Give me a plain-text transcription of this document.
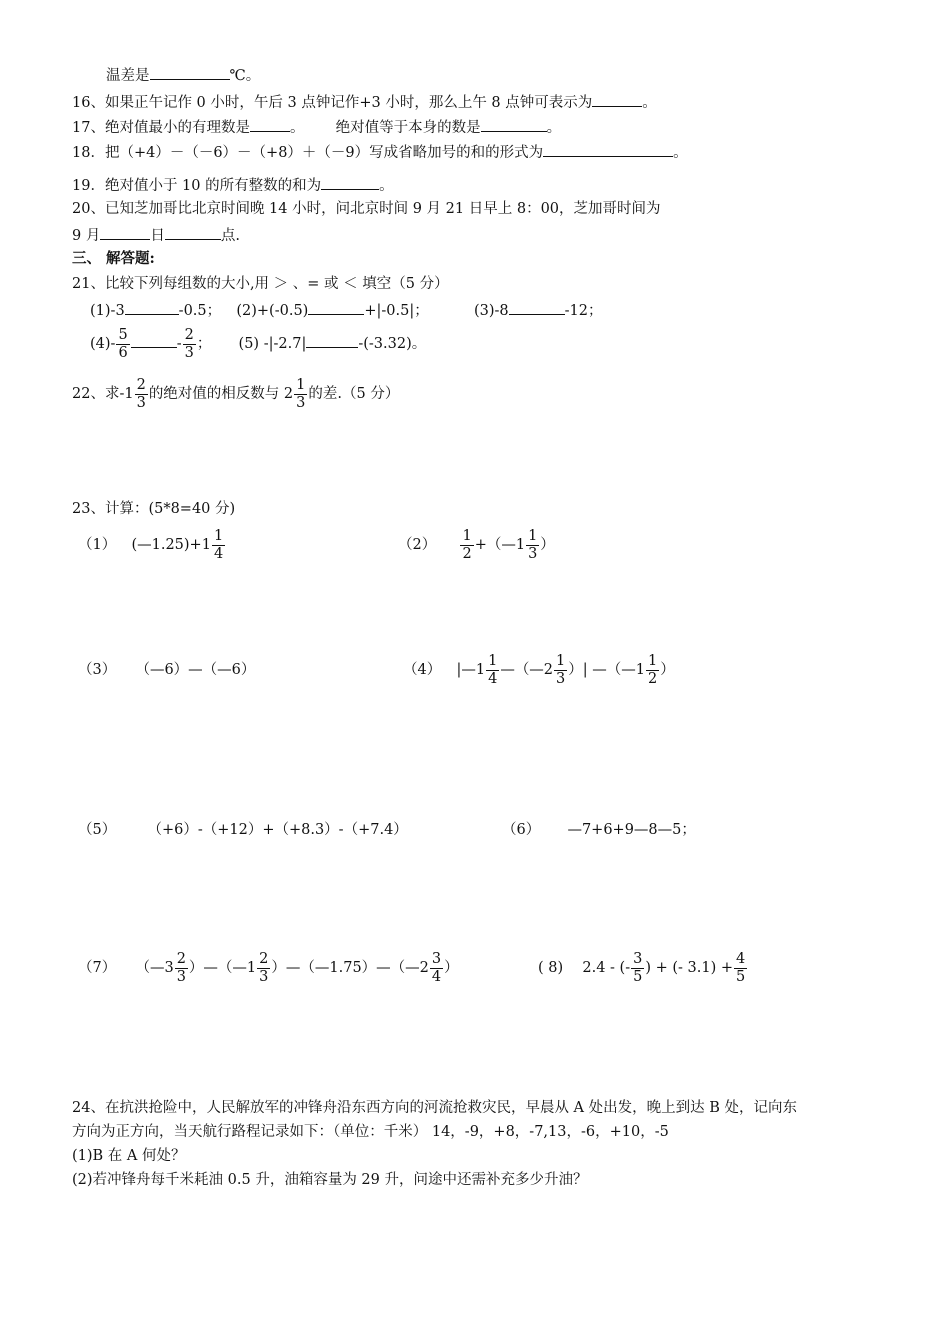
温差是	℃。
16、如果正午记作 0 小时，午后 3 点钟记作+3 小时，那么上午 8 点钟可表示为	。
17、绝对值最小的有理数是	。 绝对值等于本身的数是	。
18．把（+4）－（－6）－（+8）＋（－9）写成省略加号的和的形式为	。
19．绝对值小于 10 的所有整数的和为	。
20、已知芝加哥比北京时间晚 14 小时，问北京时间 9 月 21 日早上 8：00，芝加哥时间为
9 月	日	点.
三、 解答题:
21、比较下列每组数的大小,用 ＞ 、= 或 ＜ 填空（5 分）
(1)-3	-0.5； (2)+(-0.5)	+|-0.5|；	(3)-8	-12；
$(4)- \frac{5}{6}$	- $\frac{2}{3}$ ； (5) -|-2.7|	-(-3.32)。
22、求$-1 \frac{2}{3}$ 的绝对值的相反数与 $2 \frac{1}{3}$ 的差.（5 分）
23、计算：(5*8=40 分)
（1） (—1.25)+1 $\frac{1}{4}$	$(2) \frac{1}{2}$ +（—1 $\frac{1}{3}$ ）
（3） （—6）—（—6）	（4） |—1 $\frac{1}{4}$ —（—2 $\frac{1}{3}$ ）| —（—1 $\frac{1}{2}$ ）
（5） （+6）-（+12）+（+8.3）-（+7.4）	（6） —7+6+9—8—5；
（7） （—3 $\frac{2}{3}$ ）—（—1 $\frac{2}{3}$ ）—（—1.75）—（—2 $\frac{3}{4}$ ）	( 8) 2.4 - (- $\frac{3}{5}$ ) + (- $3.1) + \frac{4}{5}$
24、在抗洪抢险中，人民解放军的冲锋舟沿东西方向的河流抢救灾民，早晨从 A 处出发，晚上到达 B 处，记向东
方向为正方向，当天航行路程记录如下：（单位：千米） 14，-9，+8，-7,13，-6，+10，-5
(1)B 在 A 何处？
(2)若冲锋舟每千米耗油 0.5 升，油箱容量为 29 升，问途中还需补充多少升油？
